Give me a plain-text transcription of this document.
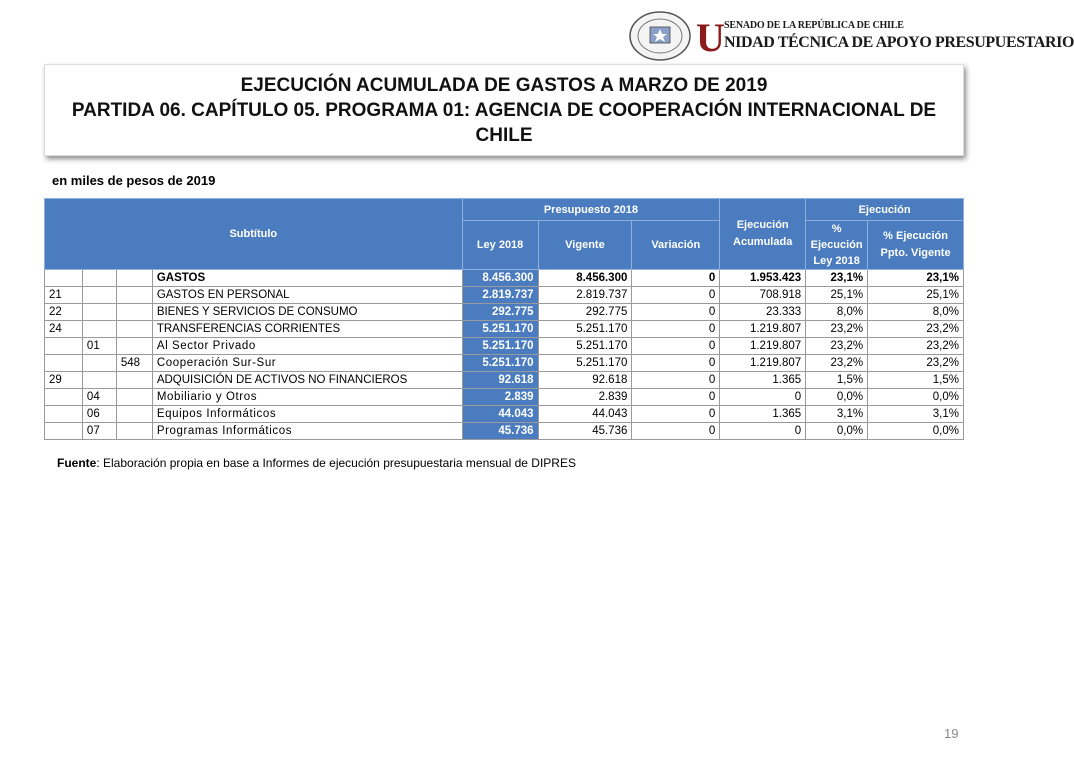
U SENADO DE LA REPÚBLICA DE CHILE
NIDAD TÉCNICA DE APOYO PRESUPUESTARIO
EJECUCIÓN ACUMULADA DE GASTOS A MARZO DE 2019
PARTIDA 06. CAPÍTULO 05. PROGRAMA 01: AGENCIA DE COOPERACIÓN INTERNACIONAL DE
CHILE
en miles de pesos de 2019
Subtítulo				Presupuesto 2018			Ejecución Acumulada	Ejecución	
				Ley 2018	Vigente	Variación		% Ejecución Ley 2018	% Ejecución Ppto. Vigente
			GASTOS	8.456.300	8.456.300	0	1.953.423	23,1%	23,1%
21			GASTOS EN PERSONAL	2.819.737	2.819.737	0	708.918	25,1%	25,1%
22			BIENES Y SERVICIOS DE CONSUMO	292.775	292.775	0	23.333	8,0%	8,0%
24			TRANSFERENCIAS CORRIENTES	5.251.170	5.251.170	0	1.219.807	23,2%	23,2%
	01		Al Sector Privado	5.251.170	5.251.170	0	1.219.807	23,2%	23,2%
		548	Cooperación Sur-Sur	5.251.170	5.251.170	0	1.219.807	23,2%	23,2%
29			ADQUISICIÓN DE ACTIVOS NO FINANCIEROS	92.618	92.618	0	1.365	1,5%	1,5%
	04		Mobiliario y Otros	2.839	2.839	0	0	0,0%	0,0%
	06		Equipos Informáticos	44.043	44.043	0	1.365	3,1%	3,1%
	07		Programas Informáticos	45.736	45.736	0	0	0,0%	0,0%
Fuente: Elaboración propia en base a Informes de ejecución presupuestaria mensual de DIPRES
19
